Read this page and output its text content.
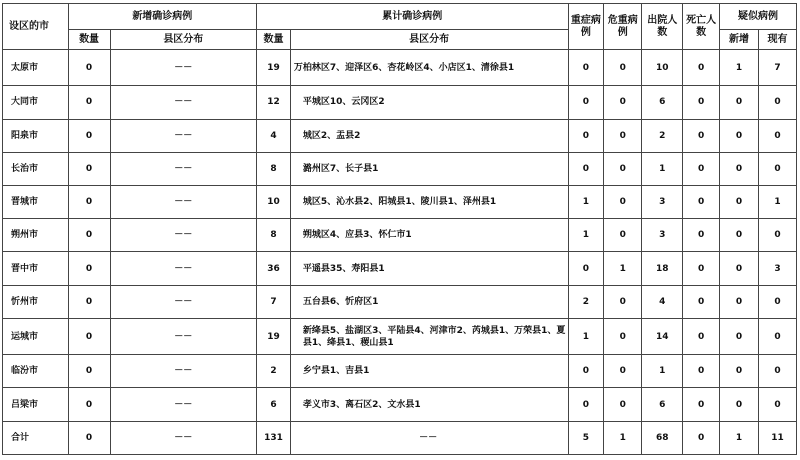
设区的市	新增确诊病例		累计确诊病例		重症病例	危重病例	出院人数	死亡人数	疑似病例	
	数量	县区分布	数量	县区分布					新增	现有
太原市	0	－－	19	万柏林区7、迎泽区6、杏花岭区4、小店区1、清徐县1	0	0	10	0	1	7
大同市	0	－－	12	平城区10、云冈区2	0	0	6	0	0	0
阳泉市	0	－－	4	城区2、盂县2	0	0	2	0	0	0
长治市	0	－－	8	潞州区7、长子县1	0	0	1	0	0	0
晋城市	0	－－	10	城区5、沁水县2、阳城县1、陵川县1、泽州县1	1	0	3	0	0	1
朔州市	0	－－	8	朔城区4、应县3、怀仁市1	1	0	3	0	0	0
晋中市	0	－－	36	平遥县35、寿阳县1	0	1	18	0	0	3
忻州市	0	－－	7	五台县6、忻府区1	2	0	4	0	0	0
运城市	0	－－	19	新绛县5、盐湖区3、平陆县4、河津市2、芮城县1、万荣县1、夏县1、绛县1、稷山县1	1	0	14	0	0	0
临汾市	0	－－	2	乡宁县1、吉县1	0	0	1	0	0	0
吕梁市	0	－－	6	孝义市3、离石区2、文水县1	0	0	6	0	0	0
合计	0	－－	131	－－	5	1	68	0	1	11
